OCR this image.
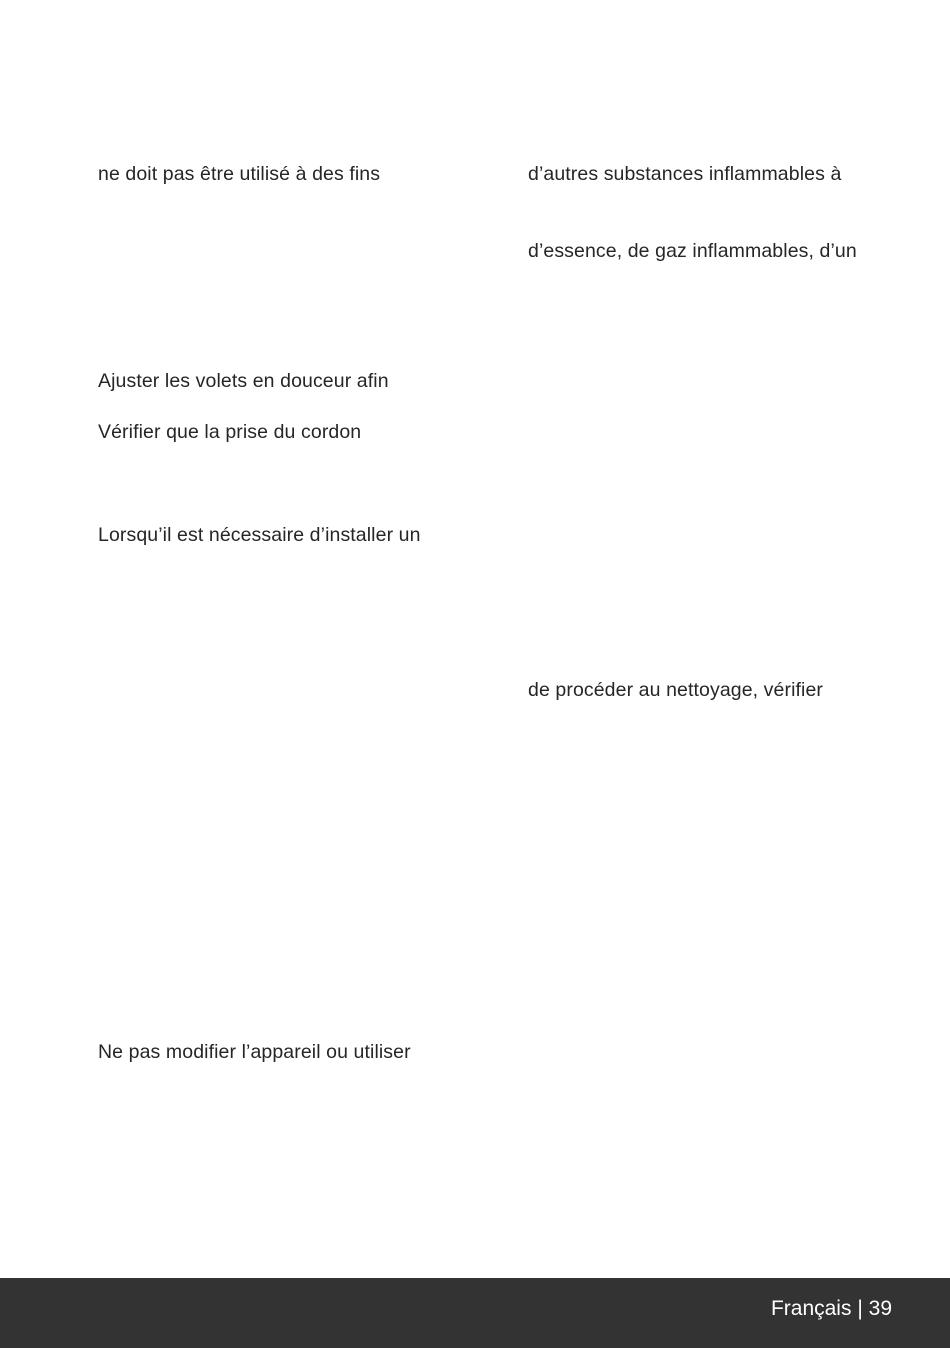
ne doit pas être utilisé à des fins
Ajuster les volets en douceur afin
Vérifier que la prise du cordon
Lorsqu’il est nécessaire d’installer un
Ne pas modifier l’appareil ou utiliser
d’autres substances inflammables à
d’essence, de gaz inflammables, d’un
de procéder au nettoyage, vérifier
Français | 39
